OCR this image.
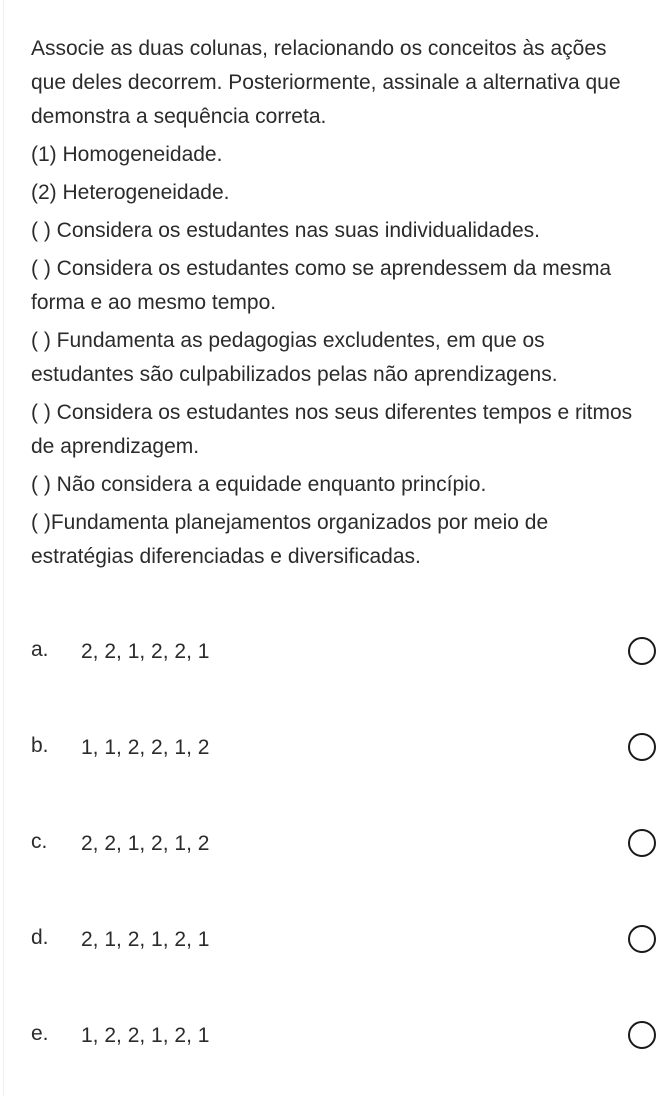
Associe as duas colunas, relacionando os conceitos às ações que deles decorrem. Posteriormente, assinale a alternativa que demonstra a sequência correta.

(1) Homogeneidade.

(2) Heterogeneidade.

( ) Considera os estudantes nas suas individualidades.

( ) Considera os estudantes como se aprendessem da mesma forma e ao mesmo tempo.

( ) Fundamenta as pedagogias excludentes, em que os estudantes são culpabilizados pelas não aprendizagens.

( ) Considera os estudantes nos seus diferentes tempos e ritmos de aprendizagem.

( ) Não considera a equidade enquanto princípio.

( )Fundamenta planejamentos organizados por meio de estratégias diferenciadas e diversificadas.

a.	2, 2, 1, 2, 2, 1
b.	1, 1, 2, 2, 1, 2
c.	2, 2, 1, 2, 1, 2
d.	2, 1, 2, 1, 2, 1
e.	1, 2, 2, 1, 2, 1
